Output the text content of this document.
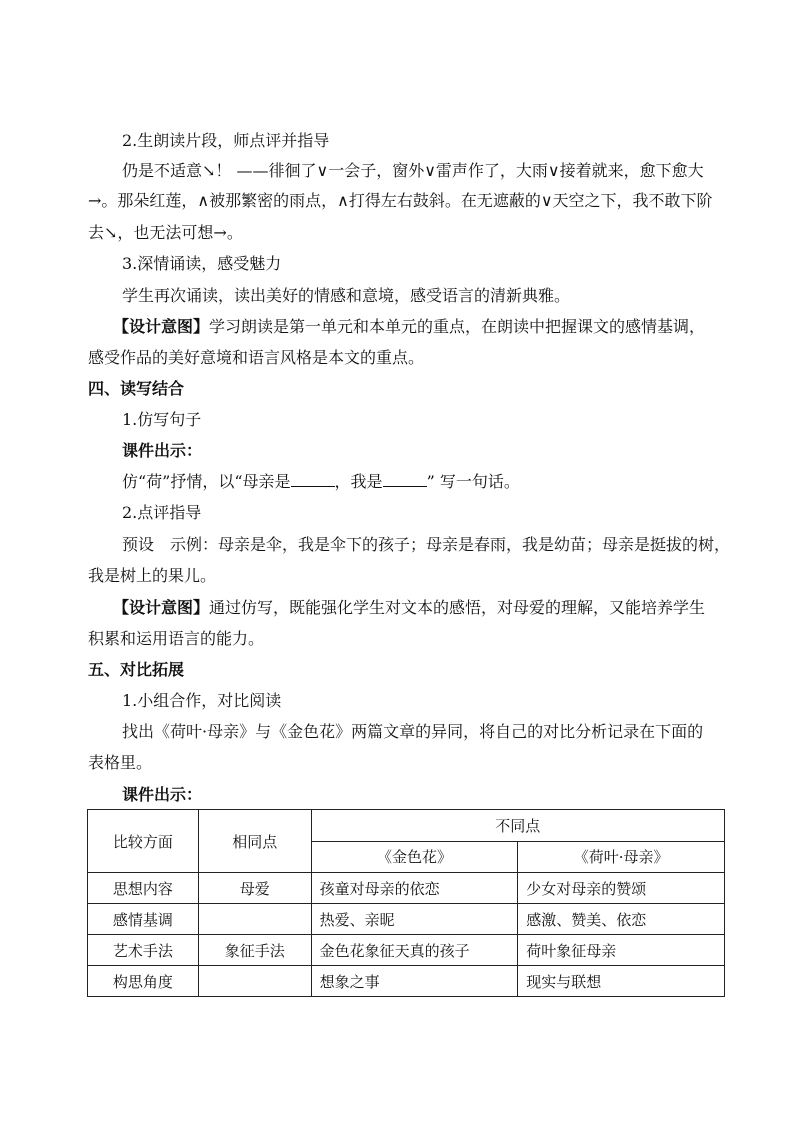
2.生朗读片段，师点评并指导
仍是不适意↘！ ——徘徊了∨一会子，窗外∨雷声作了，大雨∨接着就来，愈下愈大
→。那朵红莲，∧被那繁密的雨点，∧打得左右鼓斜。在无遮蔽的∨天空之下，我不敢下阶
去↘，也无法可想→。
3.深情诵读，感受魅力
学生再次诵读，读出美好的情感和意境，感受语言的清新典雅。
【设计意图】学习朗读是第一单元和本单元的重点，在朗读中把握课文的感情基调，
感受作品的美好意境和语言风格是本文的重点。
四、读写结合
1.仿写句子
课件出示：
仿“荷”抒情，以“母亲是	，我是	” 写一句话。
2.点评指导
预设　示例：母亲是伞，我是伞下的孩子；母亲是春雨，我是幼苗；母亲是挺拔的树，
我是树上的果儿。
【设计意图】通过仿写，既能强化学生对文本的感悟，对母爱的理解，又能培养学生
积累和运用语言的能力。
五、对比拓展
1.小组合作，对比阅读
找出《荷叶·母亲》与《金色花》两篇文章的异同，将自己的对比分析记录在下面的
表格里。
课件出示：
比较方面	相同点	不同点	
		《金色花》	《荷叶·母亲》
思想内容	母爱	孩童对母亲的依恋	少女对母亲的赞颂
感情基调		热爱、亲昵	感激、赞美、依恋
艺术手法	象征手法	金色花象征天真的孩子	荷叶象征母亲
构思角度		想象之事	现实与联想
